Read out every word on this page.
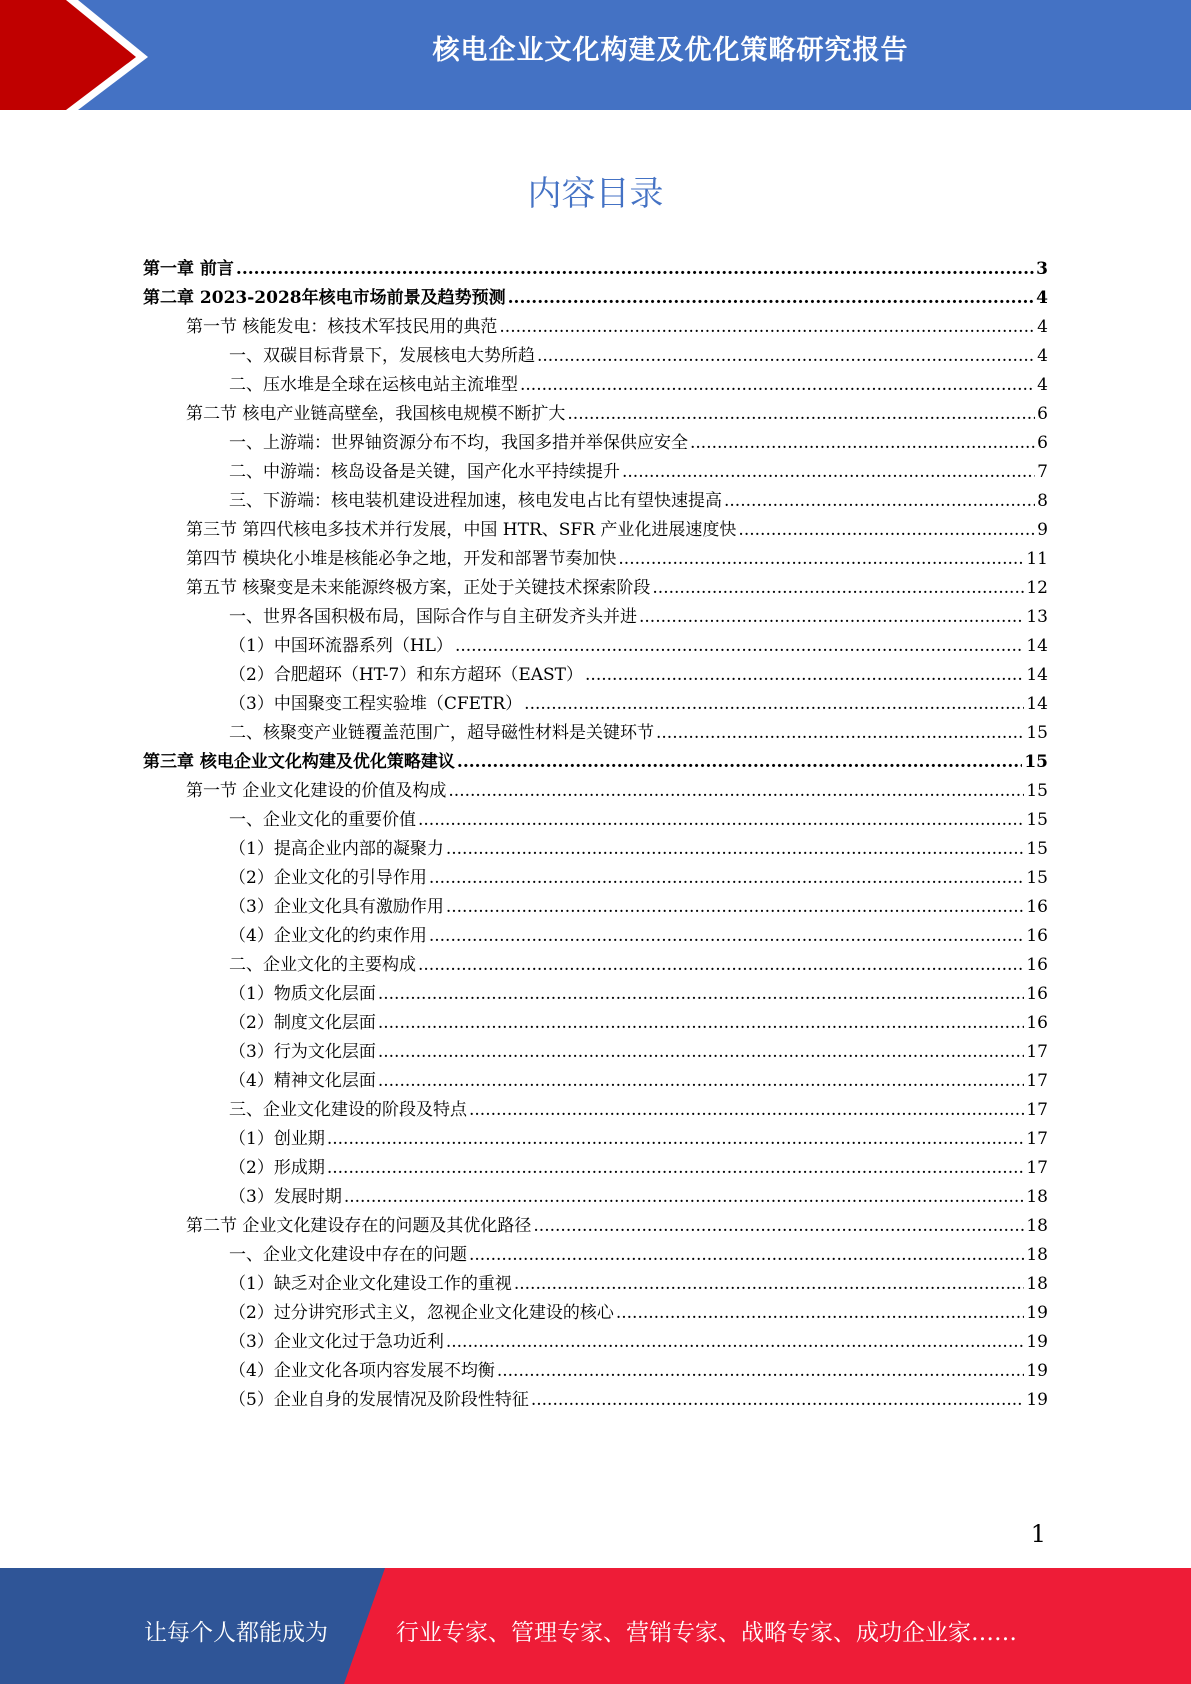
核电企业文化构建及优化策略研究报告
内容目录
第一章 前言 .....	3
第二章 2023-2028年核电市场前景及趋势预测 .....	4
第一节 核能发电：核技术军技民用的典范 .....	4
一、双碳目标背景下，发展核电大势所趋 .....	4
二、压水堆是全球在运核电站主流堆型 .....	4
第二节 核电产业链高壁垒，我国核电规模不断扩大 .....	6
一、上游端：世界铀资源分布不均，我国多措并举保供应安全 .....	6
二、中游端：核岛设备是关键，国产化水平持续提升 .....	7
三、下游端：核电装机建设进程加速，核电发电占比有望快速提高 .....	8
第三节 第四代核电多技术并行发展，中国 HTR、SFR 产业化进展速度快 .....	9
第四节 模块化小堆是核能必争之地，开发和部署节奏加快 .....	11
第五节 核聚变是未来能源终极方案，正处于关键技术探索阶段 .....	12
一、世界各国积极布局，国际合作与自主研发齐头并进 .....	13
（1）中国环流器系列（HL） .....	14
（2）合肥超环（HT-7）和东方超环（EAST） .....	14
（3）中国聚变工程实验堆（CFETR） .....	14
二、核聚变产业链覆盖范围广，超导磁性材料是关键环节 .....	15
第三章 核电企业文化构建及优化策略建议 .....	15
第一节 企业文化建设的价值及构成 .....	15
一、企业文化的重要价值 .....	15
（1）提高企业内部的凝聚力 .....	15
（2）企业文化的引导作用 .....	15
（3）企业文化具有激励作用 .....	16
（4）企业文化的约束作用 .....	16
二、企业文化的主要构成 .....	16
（1）物质文化层面 .....	16
（2）制度文化层面 .....	16
（3）行为文化层面 .....	17
（4）精神文化层面 .....	17
三、企业文化建设的阶段及特点 .....	17
（1）创业期 .....	17
（2）形成期 .....	17
（3）发展时期 .....	18
第二节 企业文化建设存在的问题及其优化路径 .....	18
一、企业文化建设中存在的问题 .....	18
（1）缺乏对企业文化建设工作的重视 .....	18
（2）过分讲究形式主义，忽视企业文化建设的核心 .....	19
（3）企业文化过于急功近利 .....	19
（4）企业文化各项内容发展不均衡 .....	19
（5）企业自身的发展情况及阶段性特征 .....	19
1
让每个人都能成为	行业专家、管理专家、营销专家、战略专家、成功企业家……
